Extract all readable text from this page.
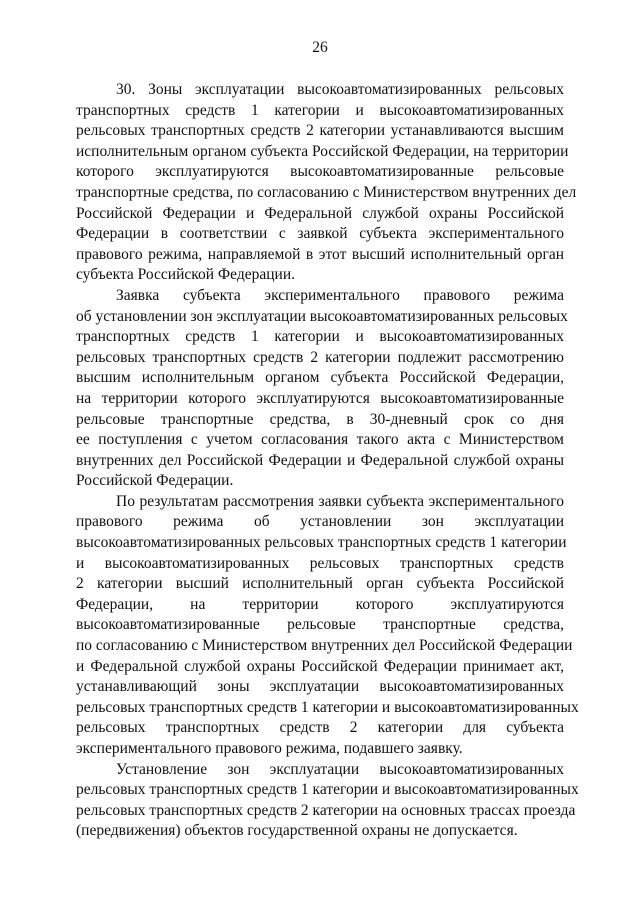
26
30. Зоны эксплуатации высокоавтоматизированных рельсовых
транспортных средств 1 категории и высокоавтоматизированных
рельсовых транспортных средств 2 категории устанавливаются высшим
исполнительным органом субъекта Российской Федерации, на территории
которого эксплуатируются высокоавтоматизированные рельсовые
транспортные средства, по согласованию с Министерством внутренних дел
Российской Федерации и Федеральной службой охраны Российской
Федерации в соответствии с заявкой субъекта экспериментального
правового режима, направляемой в этот высший исполнительный орган
субъекта Российской Федерации.
Заявка субъекта экспериментального правового режима
об установлении зон эксплуатации высокоавтоматизированных рельсовых
транспортных средств 1 категории и высокоавтоматизированных
рельсовых транспортных средств 2 категории подлежит рассмотрению
высшим исполнительным органом субъекта Российской Федерации,
на территории которого эксплуатируются высокоавтоматизированные
рельсовые транспортные средства, в 30-дневный срок со дня
ее поступления с учетом согласования такого акта с Министерством
внутренних дел Российской Федерации и Федеральной службой охраны
Российской Федерации.
По результатам рассмотрения заявки субъекта экспериментального
правового режима об установлении зон эксплуатации
высокоавтоматизированных рельсовых транспортных средств 1 категории
и высокоавтоматизированных рельсовых транспортных средств
2 категории высший исполнительный орган субъекта Российской
Федерации, на территории которого эксплуатируются
высокоавтоматизированные рельсовые транспортные средства,
по согласованию с Министерством внутренних дел Российской Федерации
и Федеральной службой охраны Российской Федерации принимает акт,
устанавливающий зоны эксплуатации высокоавтоматизированных
рельсовых транспортных средств 1 категории и высокоавтоматизированных
рельсовых транспортных средств 2 категории для субъекта
экспериментального правового режима, подавшего заявку.
Установление зон эксплуатации высокоавтоматизированных
рельсовых транспортных средств 1 категории и высокоавтоматизированных
рельсовых транспортных средств 2 категории на основных трассах проезда
(передвижения) объектов государственной охраны не допускается.
